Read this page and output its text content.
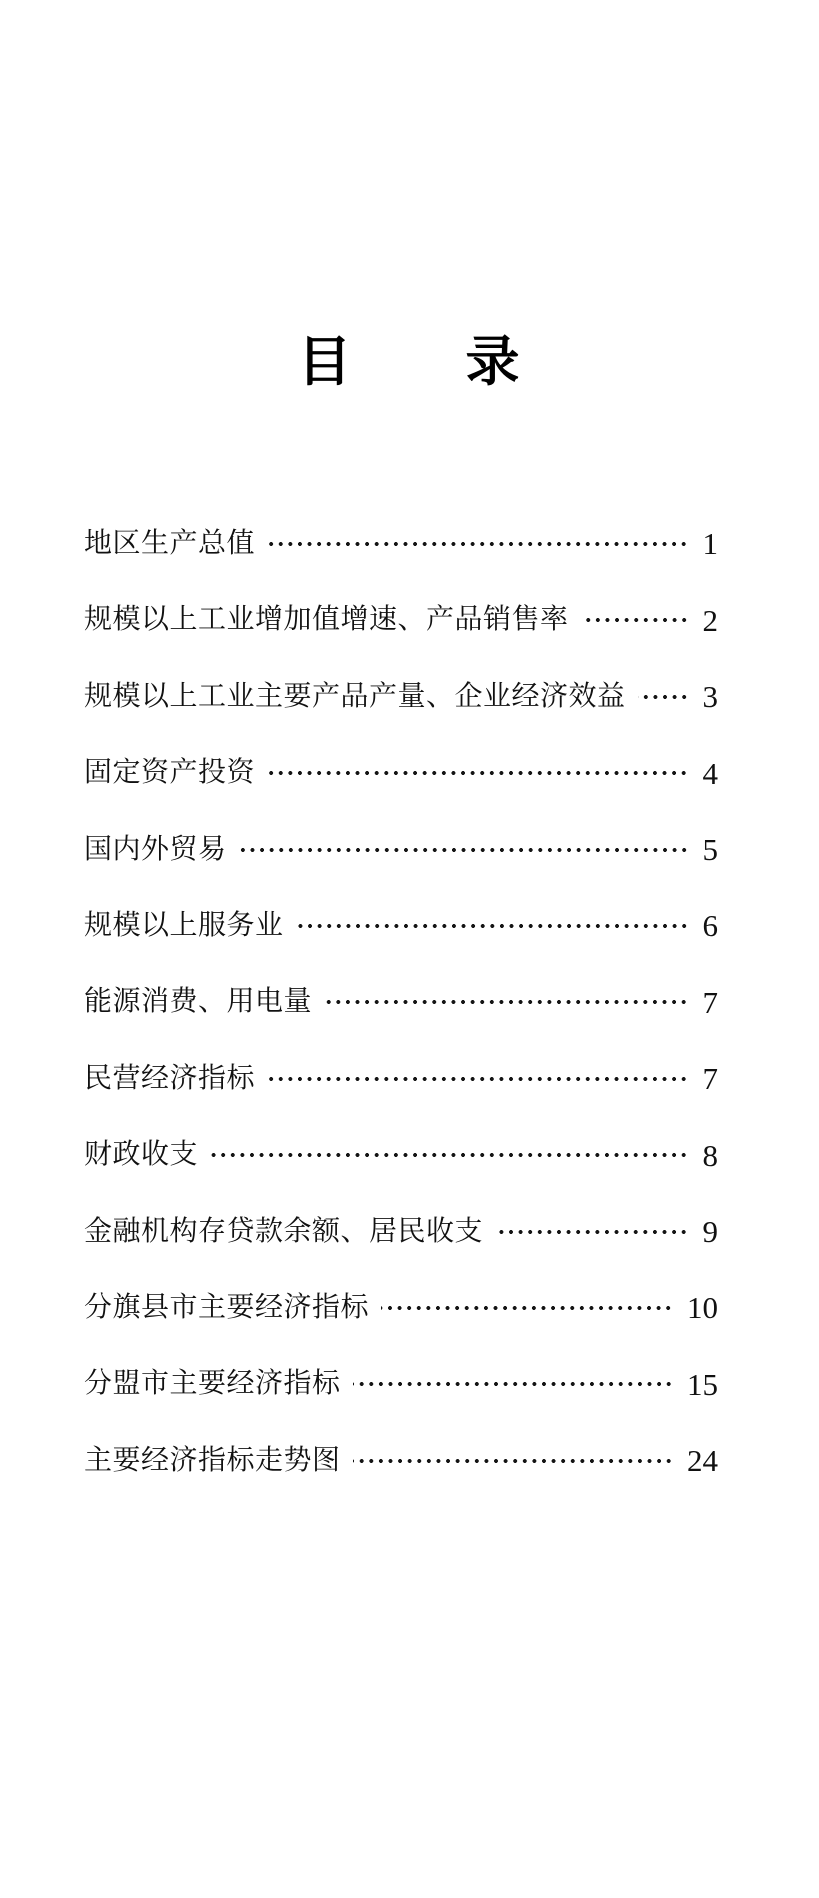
目　　录
地区生产总值	1
规模以上工业增加值增速、产品销售率	2
规模以上工业主要产品产量、企业经济效益 3
固定资产投资	4
国内外贸易	5
规模以上服务业	6
能源消费、用电量	7
民营经济指标	7
财政收支	8
金融机构存贷款余额、居民收支	9
分旗县市主要经济指标	10
分盟市主要经济指标	15
主要经济指标走势图	24
